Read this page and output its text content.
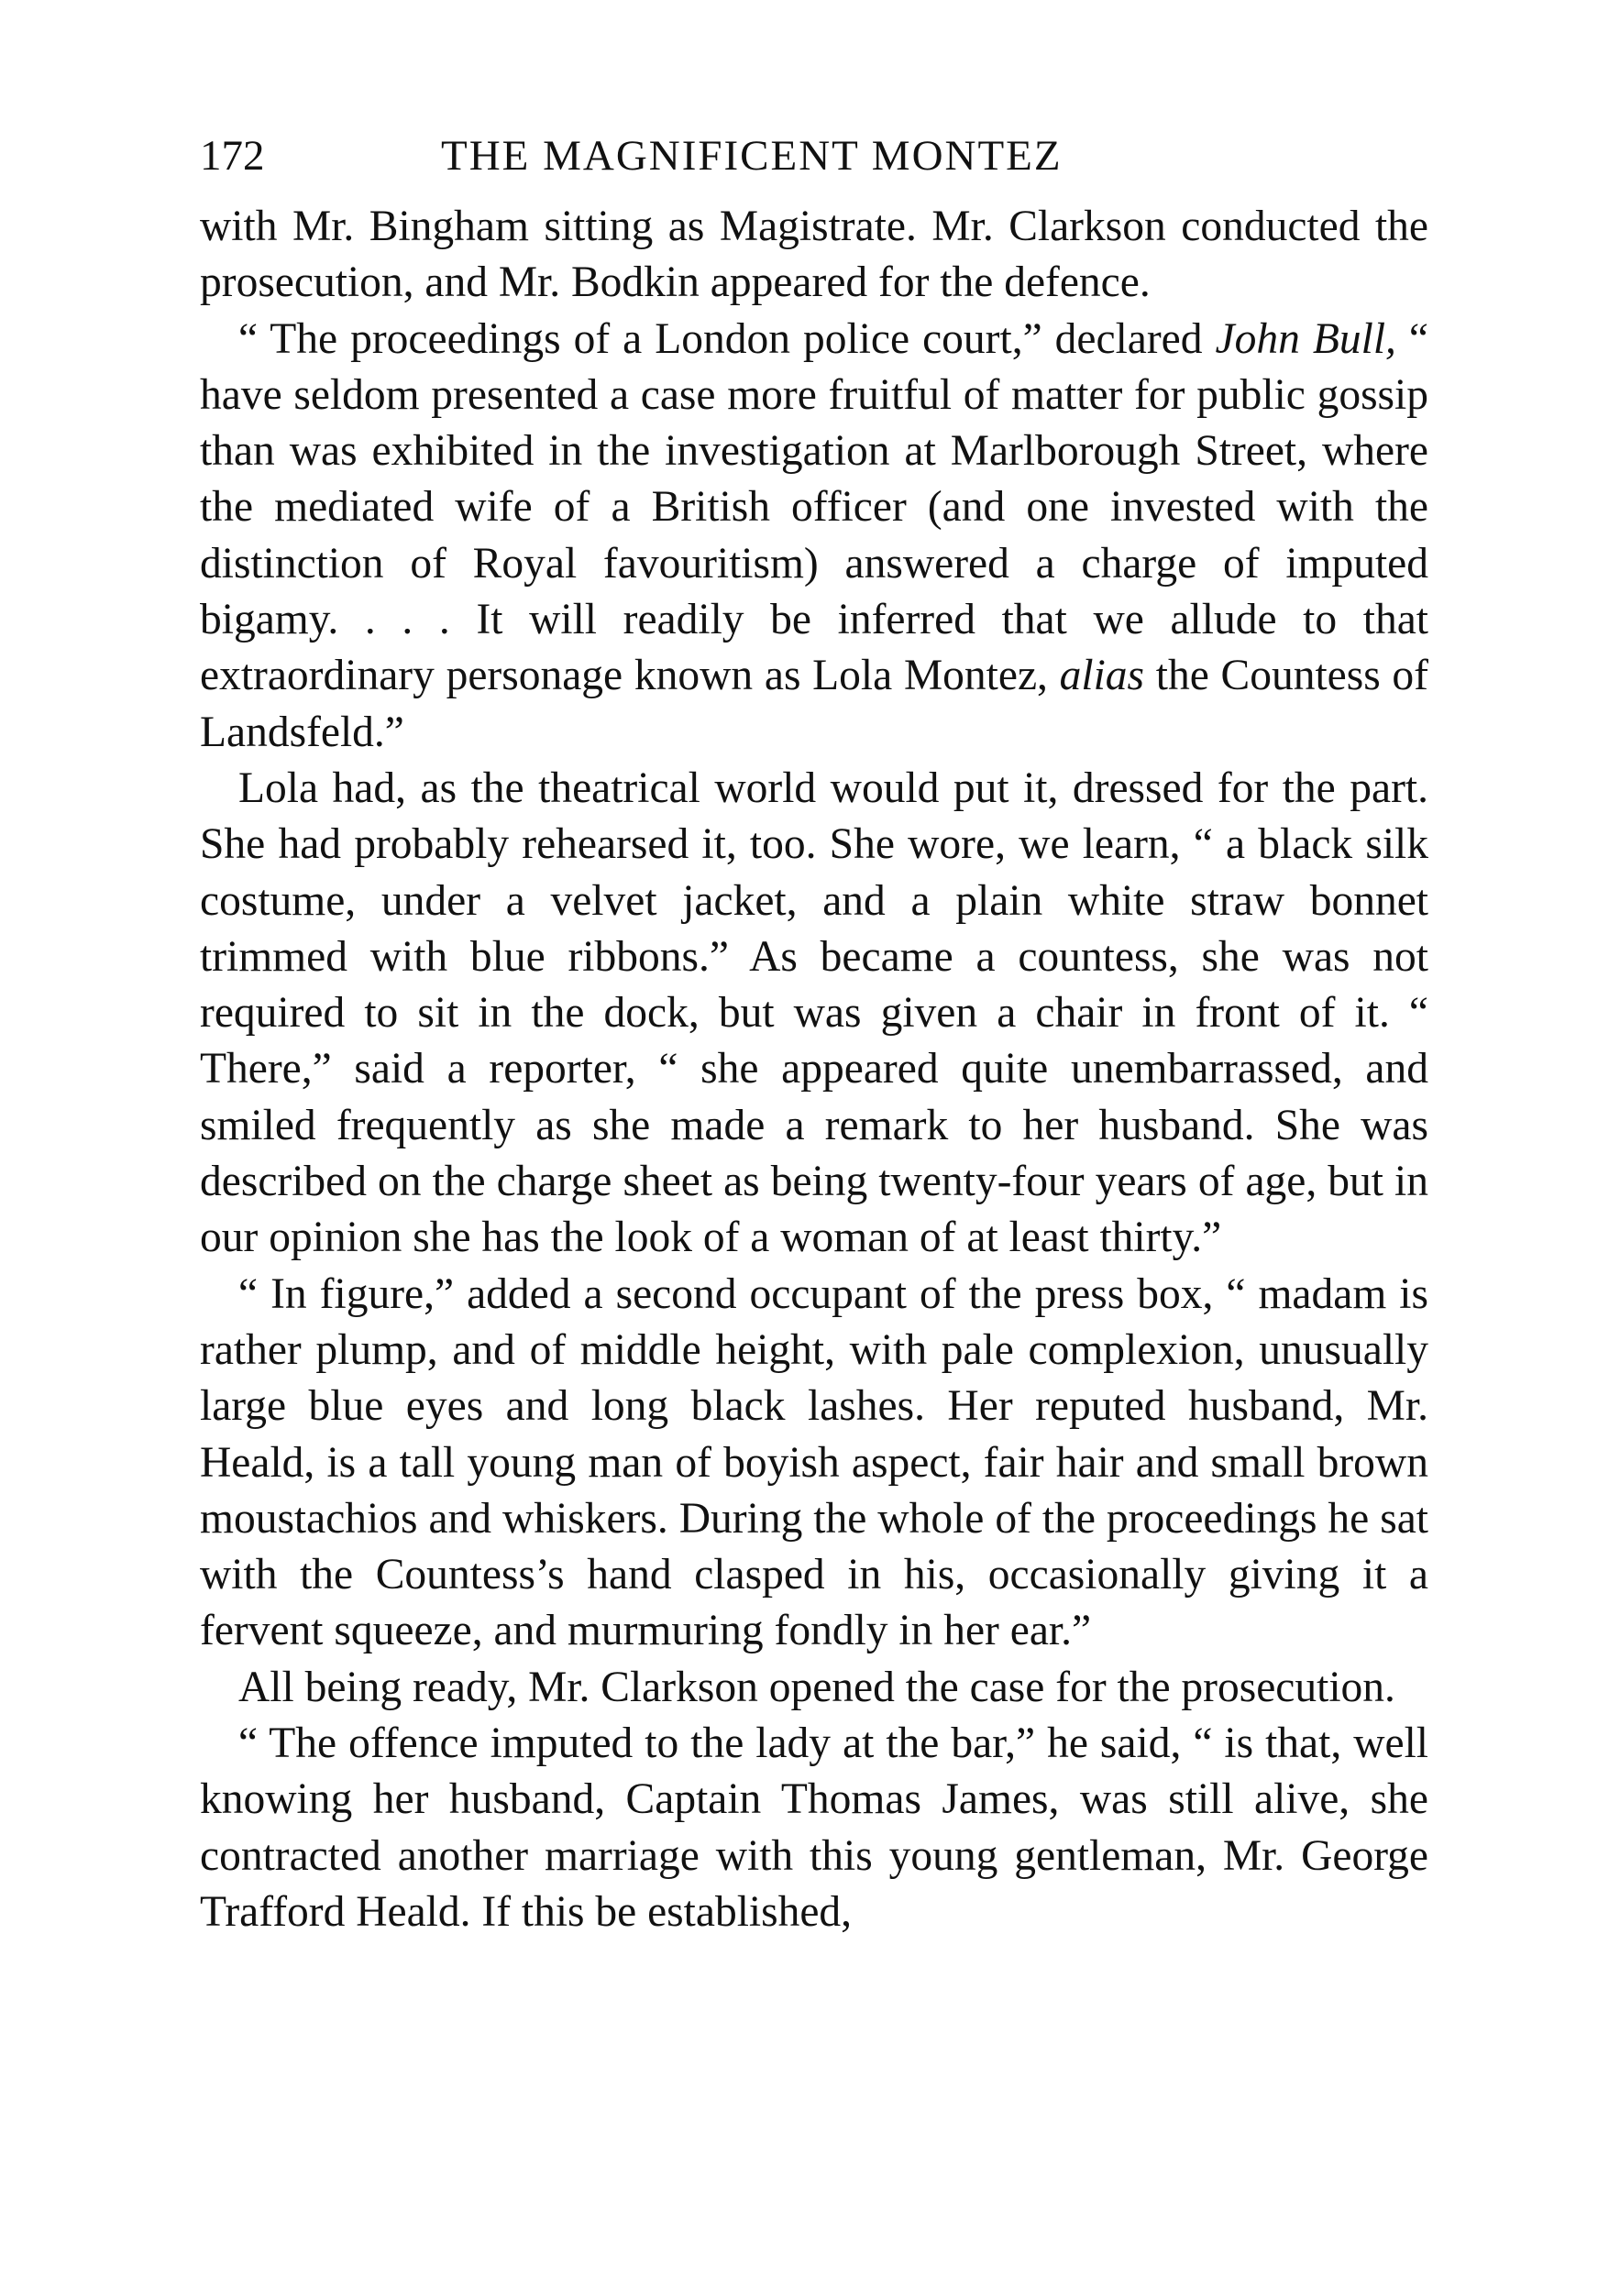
172	THE MAGNIFICENT MONTEZ

with Mr. Bingham sitting as Magistrate. Mr. Clarkson conducted the prosecution, and Mr. Bodkin appeared for the defence.

“ The proceedings of a London police court,” declared John Bull, “ have seldom presented a case more fruitful of matter for public gossip than was exhibited in the investigation at Marlborough Street, where the mediated wife of a British officer (and one invested with the distinction of Royal favouritism) answered a charge of imputed bigamy. . . . It will readily be inferred that we allude to that extraordinary personage known as Lola Montez, alias the Countess of Landsfeld.”

Lola had, as the theatrical world would put it, dressed for the part. She had probably rehearsed it, too. She wore, we learn, “ a black silk costume, under a velvet jacket, and a plain white straw bonnet trimmed with blue ribbons.” As became a countess, she was not required to sit in the dock, but was given a chair in front of it. “ There,” said a reporter, “ she appeared quite unembarrassed, and smiled frequently as she made a remark to her husband. She was described on the charge sheet as being twenty-four years of age, but in our opinion she has the look of a woman of at least thirty.”

“ In figure,” added a second occupant of the press box, “ madam is rather plump, and of middle height, with pale complexion, unusually large blue eyes and long black lashes. Her reputed husband, Mr. Heald, is a tall young man of boyish aspect, fair hair and small brown moustachios and whiskers. During the whole of the proceedings he sat with the Countess’s hand clasped in his, occasionally giving it a fervent squeeze, and murmuring fondly in her ear.”

All being ready, Mr. Clarkson opened the case for the prosecution.

“ The offence imputed to the lady at the bar,” he said, “ is that, well knowing her husband, Captain Thomas James, was still alive, she contracted another marriage with this young gentleman, Mr. George Trafford Heald. If this be established,
